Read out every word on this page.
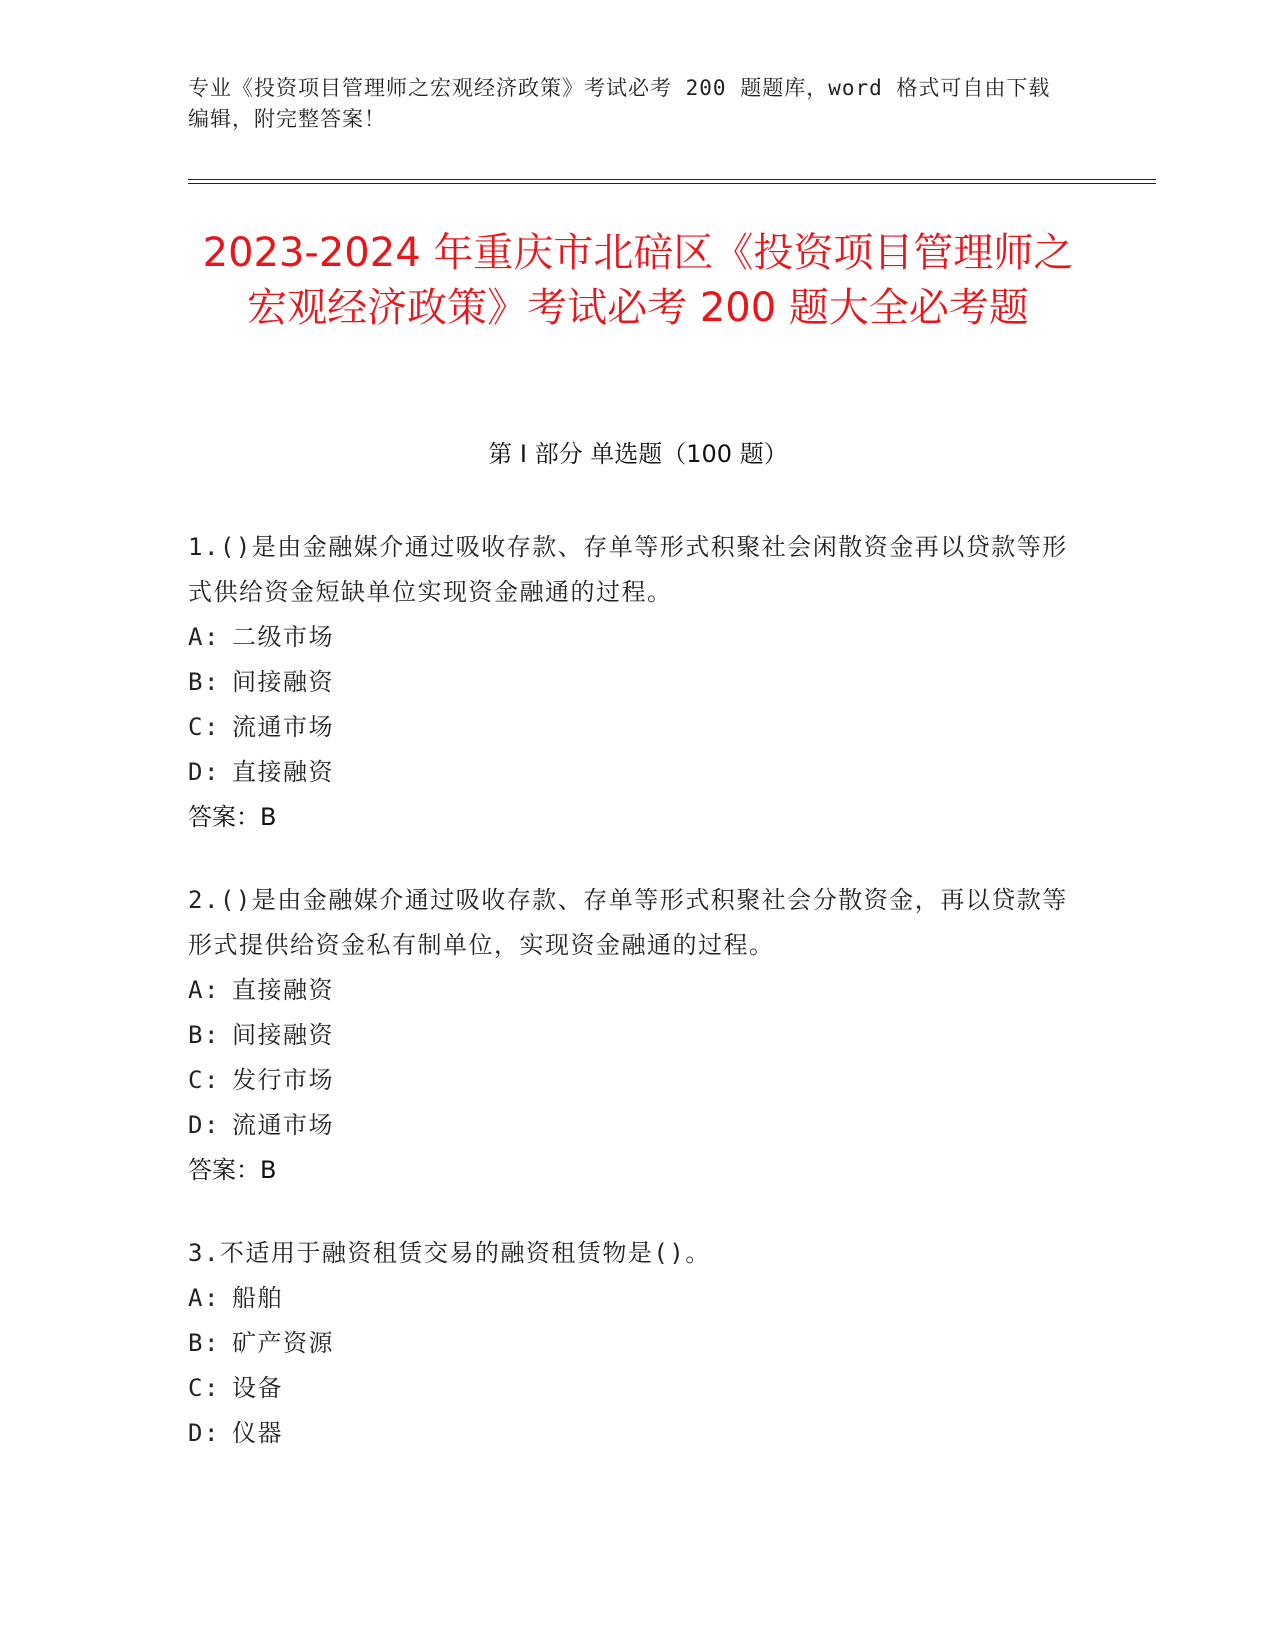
专业《投资项目管理师之宏观经济政策》考试必考 200 题题库，word 格式可自由下载编辑，附完整答案！
2023-2024 年重庆市北碚区《投资项目管理师之宏观经济政策》考试必考 200 题大全必考题
第 I 部分 单选题（100 题）
1.()是由金融媒介通过吸收存款、存单等形式积聚社会闲散资金再以贷款等形式供给资金短缺单位实现资金融通的过程。
A: 二级市场
B: 间接融资
C: 流通市场
D: 直接融资
答案：B
2.()是由金融媒介通过吸收存款、存单等形式积聚社会分散资金，再以贷款等形式提供给资金私有制单位，实现资金融通的过程。
A: 直接融资
B: 间接融资
C: 发行市场
D: 流通市场
答案：B
3.不适用于融资租赁交易的融资租赁物是()。
A: 船舶
B: 矿产资源
C: 设备
D: 仪器
